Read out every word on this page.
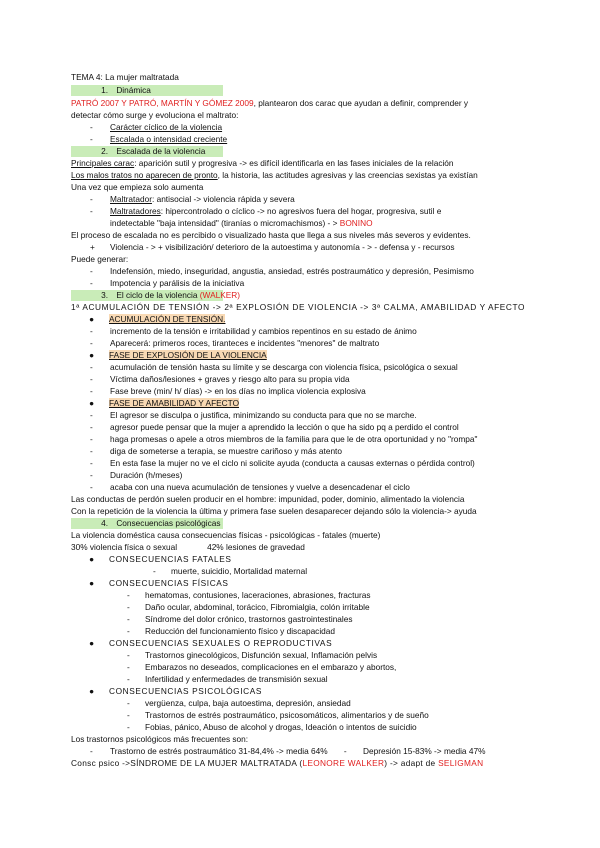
TEMA 4: La mujer maltratada
1. Dinámica
PATRÓ 2007 Y PATRÓ, MARTÍN Y GÓMEZ 2009, plantearon dos carac que ayudan a definir, comprender y
detectar cómo surge y evoluciona el maltrato:
- Carácter cíclico de la violencia
- Escalada o intensidad creciente
2. Escalada de la violencia
Principales carac: aparición sutil y progresiva -> es difícil identificarla en las fases iniciales de la relación
Los malos tratos no aparecen de pronto, la historia, las actitudes agresivas y las creencias sexistas ya existían
Una vez que empieza solo aumenta
- Maltratador: antisocial -> violencia rápida y severa
- Maltratadores: hipercontrolado o cíclico -> no agresivos fuera del hogar, progresiva, sutil e
indetectable "baja intensidad" (tiranías o micromachismos) - > BONINO
El proceso de escalada no es percibido o visualizado hasta que llega a sus niveles más severos y evidentes.
+ Violencia - > + visibilización/ deterioro de la autoestima y autonomía - > - defensa y - recursos
Puede generar:
- Indefensión, miedo, inseguridad, angustia, ansiedad, estrés postraumático y depresión, Pesimismo
- Impotencia y parálisis de la iniciativa
3. El ciclo de la violencia (WALKER)
1ª ACUMULACIÓN DE TENSIÓN -> 2ª EXPLOSIÓN DE VIOLENCIA -> 3ª CALMA, AMABILIDAD Y AFECTO
● ACUMULACIÓN DE TENSIÓN.
- incremento de la tensión e irritabilidad y cambios repentinos en su estado de ánimo
- Aparecerá: primeros roces, tiranteces e incidentes "menores" de maltrato
● FASE DE EXPLOSIÓN DE LA VIOLENCIA
- acumulación de tensión hasta su límite y se descarga con violencia física, psicológica o sexual
- Víctima daños/lesiones + graves y riesgo alto para su propia vida
- Fase breve (min/ h/ días) -> en los días no implica violencia explosiva
● FASE DE AMABILIDAD Y AFECTO
- El agresor se disculpa o justifica, minimizando su conducta para que no se marche.
- agresor puede pensar que la mujer a aprendido la lección o que ha sido pq a perdido el control
- haga promesas o apele a otros miembros de la familia para que le de otra oportunidad y no "rompa"
- diga de someterse a terapia, se muestre cariñoso y más atento
- En esta fase la mujer no ve el ciclo ni solicite ayuda (conducta a causas externas o pérdida control)
- Duración (h/meses)
- acaba con una nueva acumulación de tensiones y vuelve a desencadenar el ciclo
Las conductas de perdón suelen producir en el hombre: impunidad, poder, dominio, alimentado la violencia
Con la repetición de la violencia la última y primera fase suelen desaparecer dejando sólo la violencia-> ayuda
4. Consecuencias psicológicas
La violencia doméstica causa consecuencias físicas - psicológicas - fatales (muerte)
30% violencia física o sexual	42% lesiones de gravedad
● CONSECUENCIAS FATALES
- muerte, suicidio, Mortalidad maternal
● CONSECUENCIAS FÍSICAS
- hematomas, contusiones, laceraciones, abrasiones, fracturas
- Daño ocular, abdominal, torácico, Fibromialgia, colón irritable
- Síndrome del dolor crónico, trastornos gastrointestinales
- Reducción del funcionamiento físico y discapacidad
● CONSECUENCIAS SEXUALES O REPRODUCTIVAS
- Trastornos ginecológicos, Disfunción sexual, Inflamación pelvis
- Embarazos no deseados, complicaciones en el embarazo y abortos,
- Infertilidad y enfermedades de transmisión sexual
● CONSECUENCIAS PSICOLÓGICAS
- vergüenza, culpa, baja autoestima, depresión, ansiedad
- Trastornos de estrés postraumático, psicosomáticos, alimentarios y de sueño
- Fobias, pánico, Abuso de alcohol y drogas, Ideación o intentos de suicidio
Los trastornos psicológicos más frecuentes son:
- Trastorno de estrés postraumático 31-84,4% -> media 64% - Depresión 15-83% -> media 47%
Consc psico ->SÍNDROME DE LA MUJER MALTRATADA (LEONORE WALKER) -> adapt de SELIGMAN
